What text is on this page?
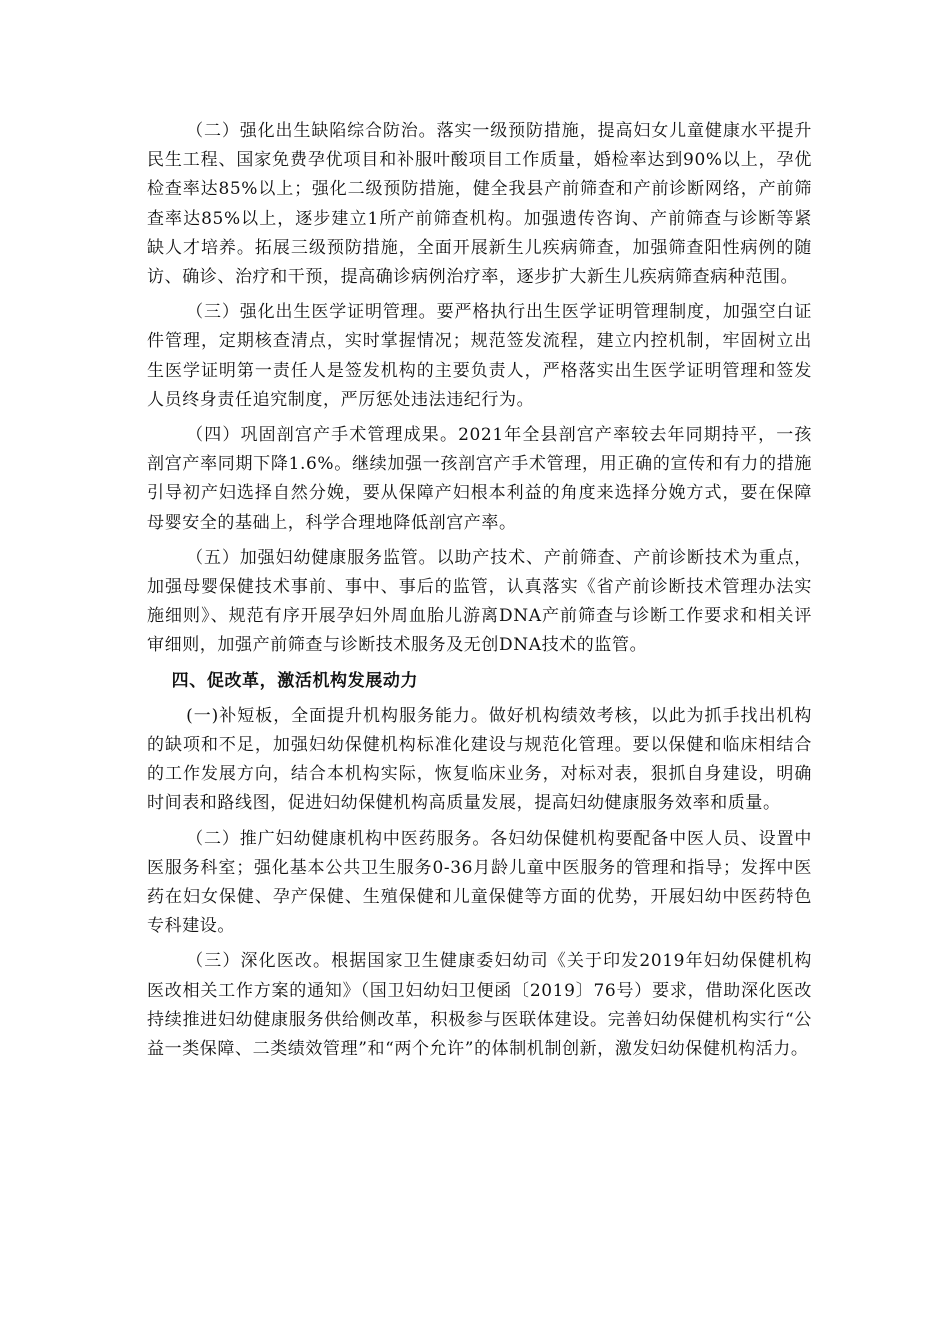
（二）强化出生缺陷综合防治。落实一级预防措施，提高妇女儿童健康水平提升民生工程、国家免费孕优项目和补服叶酸项目工作质量，婚检率达到90%以上，孕优检查率达85%以上；强化二级预防措施，健全我县产前筛查和产前诊断网络，产前筛查率达85%以上，逐步建立1所产前筛查机构。加强遗传咨询、产前筛查与诊断等紧缺人才培养。拓展三级预防措施，全面开展新生儿疾病筛查，加强筛查阳性病例的随访、确诊、治疗和干预，提高确诊病例治疗率，逐步扩大新生儿疾病筛查病种范围。

（三）强化出生医学证明管理。要严格执行出生医学证明管理制度，加强空白证件管理，定期核查清点，实时掌握情况；规范签发流程，建立内控机制，牢固树立出生医学证明第一责任人是签发机构的主要负责人，严格落实出生医学证明管理和签发人员终身责任追究制度，严厉惩处违法违纪行为。

（四）巩固剖宫产手术管理成果。2021年全县剖宫产率较去年同期持平，一孩剖宫产率同期下降1.6%。继续加强一孩剖宫产手术管理，用正确的宣传和有力的措施引导初产妇选择自然分娩，要从保障产妇根本利益的角度来选择分娩方式，要在保障母婴安全的基础上，科学合理地降低剖宫产率。

（五）加强妇幼健康服务监管。以助产技术、产前筛查、产前诊断技术为重点，加强母婴保健技术事前、事中、事后的监管，认真落实《省产前诊断技术管理办法实施细则》、规范有序开展孕妇外周血胎儿游离DNA产前筛查与诊断工作要求和相关评审细则，加强产前筛查与诊断技术服务及无创DNA技术的监管。

四、促改革，激活机构发展动力

(一)补短板，全面提升机构服务能力。做好机构绩效考核，以此为抓手找出机构的缺项和不足，加强妇幼保健机构标准化建设与规范化管理。要以保健和临床相结合的工作发展方向，结合本机构实际，恢复临床业务，对标对表，狠抓自身建设，明确时间表和路线图，促进妇幼保健机构高质量发展，提高妇幼健康服务效率和质量。

（二）推广妇幼健康机构中医药服务。各妇幼保健机构要配备中医人员、设置中医服务科室；强化基本公共卫生服务0-36月龄儿童中医服务的管理和指导；发挥中医药在妇女保健、孕产保健、生殖保健和儿童保健等方面的优势，开展妇幼中医药特色专科建设。

（三）深化医改。根据国家卫生健康委妇幼司《关于印发2019年妇幼保健机构医改相关工作方案的通知》（国卫妇幼妇卫便函〔2019〕76号）要求，借助深化医改持续推进妇幼健康服务供给侧改革，积极参与医联体建设。完善妇幼保健机构实行“公益一类保障、二类绩效管理”和“两个允许”的体制机制创新，激发妇幼保健机构活力。
